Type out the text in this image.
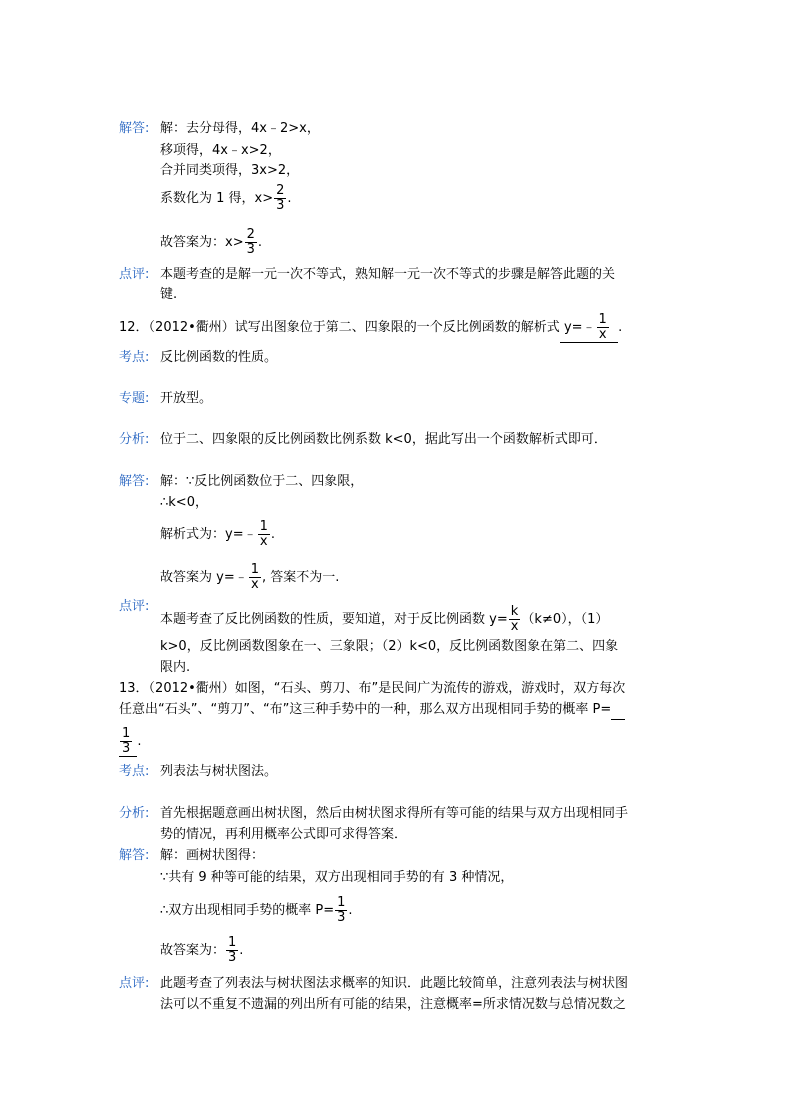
解答: 解：去分母得，4x﹣2>x，
移项得，4x﹣x>2，
合并同类项得，3x>2，
系数化为 1 得，$x> \frac{2}{3}$ .
故答案为：$x> \frac{2}{3}$ .
点评: 本题考查的是解一元一次不等式，熟知解一元一次不等式的步骤是解答此题的关
键.
12．（2012•衢州）试写出图象位于第二、四象限的一个反比例函数的解析式 y=﹣ $\frac{1}{x}$ .
考点: 反比例函数的性质。
专题: 开放型。
分析: 位于二、四象限的反比例函数比例系数 k<0，据此写出一个函数解析式即可．
解答: 解：∵反比例函数位于二、四象限，
∴k<0，
解析式为：y=﹣ $\frac{1}{x}$ .
故答案为 y=﹣ $\frac{1}{x}$ , 答案不为一.
点评:
本题考查了反比例函数的性质，要知道，对于反比例函数 $y= \frac{k}{x} (k\ne 0)$，（1）
k>0，反比例函数图象在一、三象限；（2）k<0，反比例函数图象在第二、四象
限内.
13．（2012•衢州）如图，“石头、剪刀、布”是民间广为流传的游戏，游戏时，双方每次
任意出“石头”、“剪刀”、“布”这三种手势中的一种，那么双方出现相同手势的概率 P=
$\frac{1}{3}$ .
考点: 列表法与树状图法。
分析: 首先根据题意画出树状图，然后由树状图求得所有等可能的结果与双方出现相同手
势的情况，再利用概率公式即可求得答案．
解答: 解：画树状图得：
∵共有 9 种等可能的结果，双方出现相同手势的有 3 种情况，
∴双方出现相同手势的概率 $P= \frac{1}{3}$ .
故答案为： $\frac{1}{3}$ .
点评: 此题考查了列表法与树状图法求概率的知识．此题比较简单，注意列表法与树状图
法可以不重复不遗漏的列出所有可能的结果，注意概率=所求情况数与总情况数之
